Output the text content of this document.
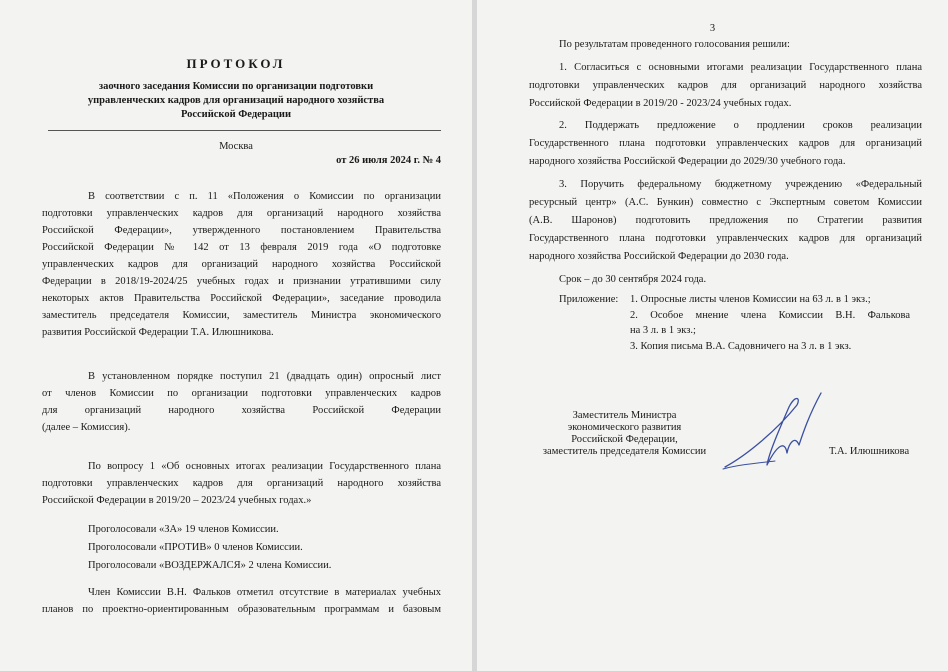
ПРОТОКОЛ
заочного заседания Комиссии по организации подготовки
управленческих кадров для организаций народного хозяйства
Российской Федерации
Москва
от 26 июля 2024 г. № 4
В соответствии с п. 11 «Положения о Комиссии по организации
подготовки управленческих кадров для организаций народного хозяйства
Российской Федерации», утвержденного постановлением Правительства
Российской Федерации № 142 от 13 февраля 2019 года «О подготовке
управленческих кадров для организаций народного хозяйства Российской
Федерации в 2018/19-2024/25 учебных годах и признании утратившими силу
некоторых актов Правительства Российской Федерации», заседание проводила
заместитель председателя Комиссии, заместитель Министра экономического
развития Российской Федерации Т.А. Илюшникова.
В установленном порядке поступил 21 (двадцать один) опросный лист
от членов Комиссии по организации подготовки управленческих кадров
для организаций народного хозяйства Российской Федерации
(далее – Комиссия).
По вопросу 1 «Об основных итогах реализации Государственного плана
подготовки управленческих кадров для организаций народного хозяйства
Российской Федерации в 2019/20 – 2023/24 учебных годах.»
Проголосовали «ЗА» 19 членов Комиссии.
Проголосовали «ПРОТИВ» 0 членов Комиссии.
Проголосовали «ВОЗДЕРЖАЛСЯ» 2 члена Комиссии.
Член Комиссии В.Н. Фальков отметил отсутствие в материалах учебных
планов по проектно-ориентированным образовательным программам и базовым
3
По результатам проведенного голосования решили:
1. Согласиться с основными итогами реализации Государственного плана
подготовки управленческих кадров для организаций народного хозяйства
Российской Федерации в 2019/20 - 2023/24 учебных годах.
2. Поддержать предложение о продлении сроков реализации
Государственного плана подготовки управленческих кадров для организаций
народного хозяйства Российской Федерации до 2029/30 учебного года.
3. Поручить федеральному бюджетному учреждению «Федеральный
ресурсный центр» (А.С. Бункин) совместно с Экспертным советом Комиссии
(А.В. Шаронов) подготовить предложения по Стратегии развития
Государственного плана подготовки управленческих кадров для организаций
народного хозяйства Российской Федерации до 2030 года.
Срок – до 30 сентября 2024 года.
Приложение: 1. Опросные листы членов Комиссии на 63 л. в 1 экз.;
2. Особое мнение члена Комиссии В.Н. Фалькова
на 3 л. в 1 экз.;
3. Копия письма В.А. Садовничего на 3 л. в 1 экз.
Заместитель Министра
экономического развития
Российской Федерации,
заместитель председателя Комиссии	Т.А. Илюшникова
